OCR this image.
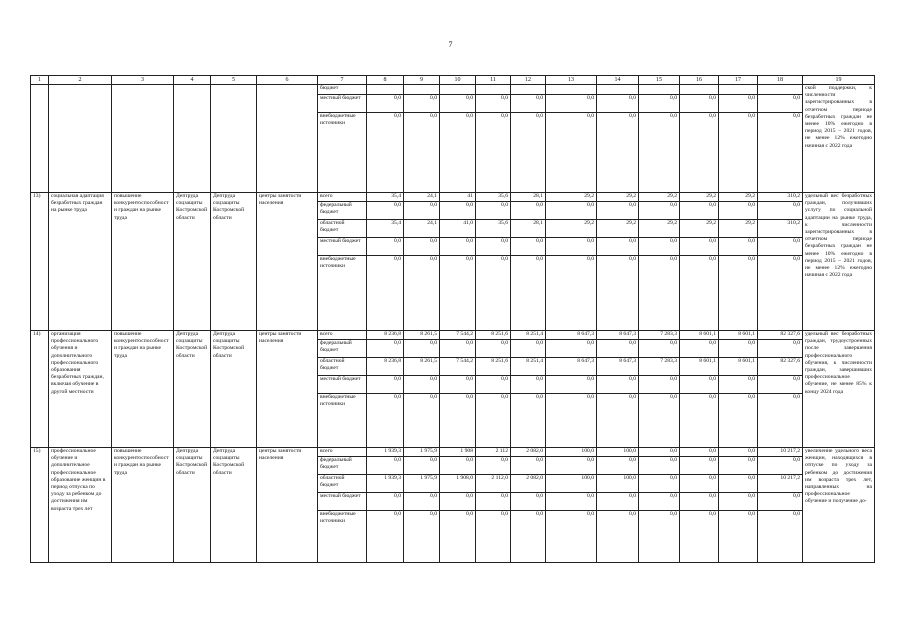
7
1	2	3	4	5	6	7	8	9	10	11	12	13	14	15	16	17	18	19
						бюджет												ской поддержки, к численности зарегистрированных в отчетном периоде безработных граждан не менее 10% ежегодно в период 2015 – 2021 годов, не менее 12% ежегодно начиная с 2022 года
						местный бюджет	0,0	0,0	0,0	0,0	0,0	0,0	0,0	0,0	0,0	0,0	0,0	
						внебюджетные источники	0,0	0,0	0,0	0,0	0,0	0,0	0,0	0,0	0,0	0,0	0,0	
13)	социальная адаптация безработных граждан на рынке труда	повышение конкурентоспособности граждан на рынке труда	Депτруда соцзащиты Костромской области	Депτруда соцзащиты Костромской области	центры занятости населения	всего	35,4	24,1	41	35,6	28,1	29,2	29,2	29,2	29,2	29,2	310,2	удельный вес безработных граждан, получивших услугу по социальной адаптации на рынке труда, к численности зарегистрированных в отчетном периоде безработных граждан не менее 10% ежегодно в период 2015 – 2021 годов, не менее 12% ежегодно начиная с 2022 года
						федеральный бюджет	0,0	0,0	0,0	0,0	0,0	0,0	0,0	0,0	0,0	0,0	0,0	
						областной бюджет	35,4	24,1	41,0	35,6	28,1	29,2	29,2	29,2	29,2	29,2	310,2	
						местный бюджет	0,0	0,0	0,0	0,0	0,0	0,0	0,0	0,0	0,0	0,0	0,0	
						внебюджетные источники	0,0	0,0	0,0	0,0	0,0	0,0	0,0	0,0	0,0	0,0	0,0	
14)	организация профессионального обучения и дополнительного профессионального образования безработных граждан, включая обучение в другой местности	повышение конкурентоспособности граждан на рынке труда	Депτруда соцзащиты Костромской области	Депτруда соцзащиты Костромской области	центры занятости населения	всего	8 236,8	8 261,5	7 544,2	8 251,6	8 251,4	8 647,3	8 647,3	7 283,3	8 601,1	8 601,1	82 327,6	удельный вес безработных граждан, трудоустроенных после завершения профессионального обучения, к численности граждан, завершивших профессиональное обучение, не менее 85% к концу 2024 года
						федеральный бюджет	0,0	0,0	0,0	0,0	0,0	0,0	0,0	0,0	0,0	0,0	0,0	
						областной бюджет	8 236,8	8 261,5	7 544,2	8 251,6	8 251,4	8 647,3	8 647,3	7 283,3	8 601,1	8 601,1	82 327,6	
						местный бюджет	0,0	0,0	0,0	0,0	0,0	0,0	0,0	0,0	0,0	0,0	0,0	
						внебюджетные источники	0,0	0,0	0,0	0,0	0,0	0,0	0,0	0,0	0,0	0,0	0,0	
15)	профессиональное обучение и дополнительное профессиональное образование женщин в период отпуска по уходу за ребенком до достижения им возраста трех лет	повышение конкурентоспособности граждан на рынке труда	Депτруда соцзащиты Костромской области	Депτруда соцзащиты Костромской области	центры занятости населения	всего	1 939,3	1 975,9	1 908	2 112	2 082,0	100,0	100,0	0,0	0,0	0,0	10 217,2	увеличение удельного веса женщин, находящихся в отпуске по уходу за ребенком до достижения им возраста трех лет, направленных на профессиональное обучение и получение до-
						федеральный бюджет	0,0	0,0	0,0	0,0	0,0	0,0	0,0	0,0	0,0	0,0	0,0	
						областной бюджет	1 939,3	1 975,9	1 908,0	2 112,0	2 082,0	100,0	100,0	0,0	0,0	0,0	10 217,2	
						местный бюджет	0,0	0,0	0,0	0,0	0,0	0,0	0,0	0,0	0,0	0,0	0,0	
						внебюджетные источники	0,0	0,0	0,0	0,0	0,0	0,0	0,0	0,0	0,0	0,0	0,0	
